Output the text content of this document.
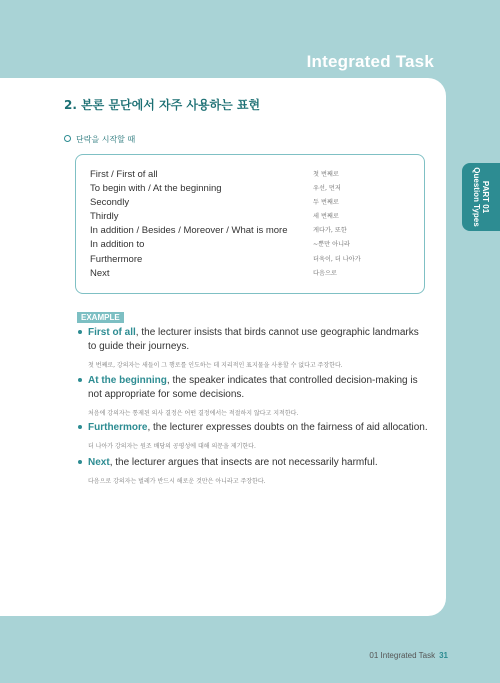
Integrated Task
PART 01
Question Types
2. 본론 문단에서 자주 사용하는 표현
단락을 시작할 때
First / First of all	첫 번째로
To begin with / At the beginning	우선, 먼저
Secondly	두 번째로
Thirdly	세 번째로
In addition / Besides / Moreover / What is more	게다가, 또한
In addition to	~뿐만 아니라
Furthermore	더욱이, 더 나아가
Next	다음으로
EXAMPLE
First of all, the lecturer insists that birds cannot use geographic landmarks to guide their journeys.
첫 번째로, 강의자는 새들이 그 행로를 인도하는 데 지리적인 표지물을 사용할 수 없다고 주장한다.
At the beginning, the speaker indicates that controlled decision-making is not appropriate for some decisions.
처음에 강의자는 통제된 의사 결정은 어떤 결정에서는 적절하지 않다고 지적한다.
Furthermore, the lecturer expresses doubts on the fairness of aid allocation.
더 나아가 강의자는 원조 배당의 공평성에 대해 의문을 제기한다.
Next, the lecturer argues that insects are not necessarily harmful.
다음으로 강의자는 벌레가 반드시 해로운 것만은 아니라고 주장한다.
01 Integrated Task 31
